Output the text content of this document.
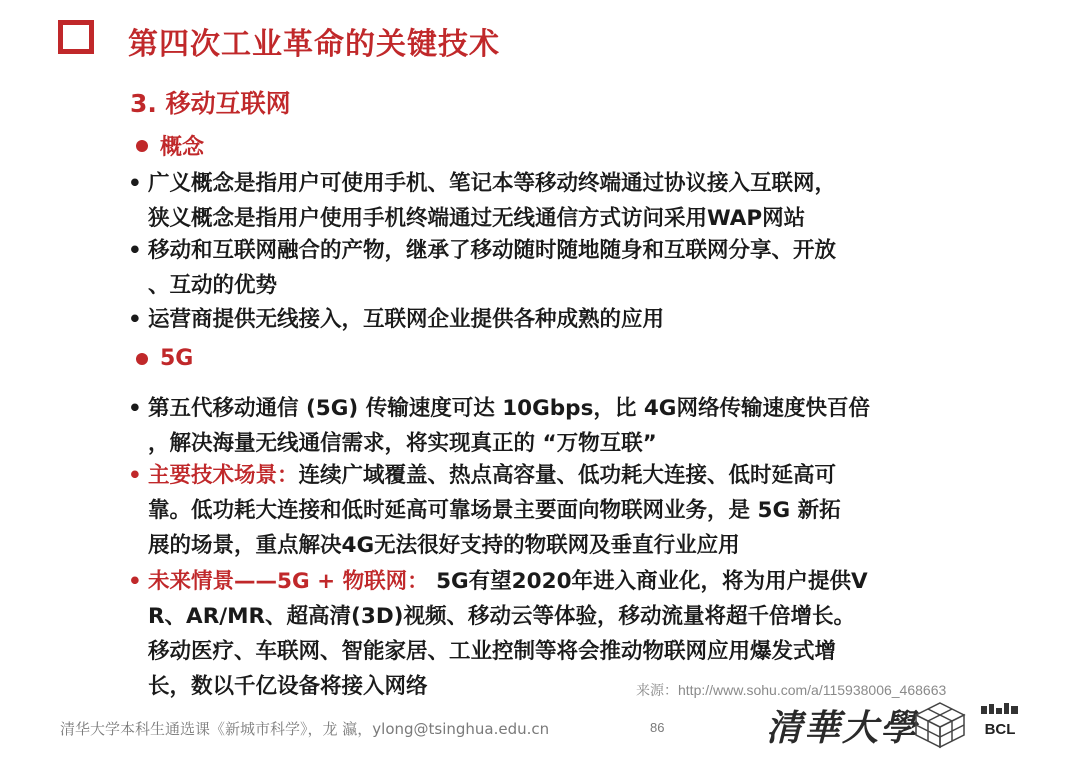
第四次工业革命的关键技术
3. 移动互联网
概念
• 广义概念是指用户可使用手机、笔记本等移动终端通过协议接入互联网，
狭义概念是指用户使用手机终端通过无线通信方式访问采用WAP网站
• 移动和互联网融合的产物，继承了移动随时随地随身和互联网分享、开放
、互动的优势
• 运营商提供无线接入，互联网企业提供各种成熟的应用
5G
• 第五代移动通信 (5G) 传输速度可达 10Gbps，比 4G网络传输速度快百倍
，解决海量无线通信需求，将实现真正的 “万物互联”
• 主要技术场景：连续广域覆盖、热点高容量、低功耗大连接、低时延高可
靠。低功耗大连接和低时延高可靠场景主要面向物联网业务，是 5G 新拓
展的场景，重点解决4G无法很好支持的物联网及垂直行业应用
• 未来情景——5G + 物联网： 5G有望2020年进入商业化，将为用户提供V
R、AR/MR、超高清(3D)视频、移动云等体验，移动流量将超千倍增长。
移动医疗、车联网、智能家居、工业控制等将会推动物联网应用爆发式增
长，数以千亿设备将接入网络	来源：http://www.sohu.com/a/115938006_468663
清华大学本科生通选课《新城市科学》，龙 瀛，ylong@tsinghua.edu.cn	86	清華大學	BCL
